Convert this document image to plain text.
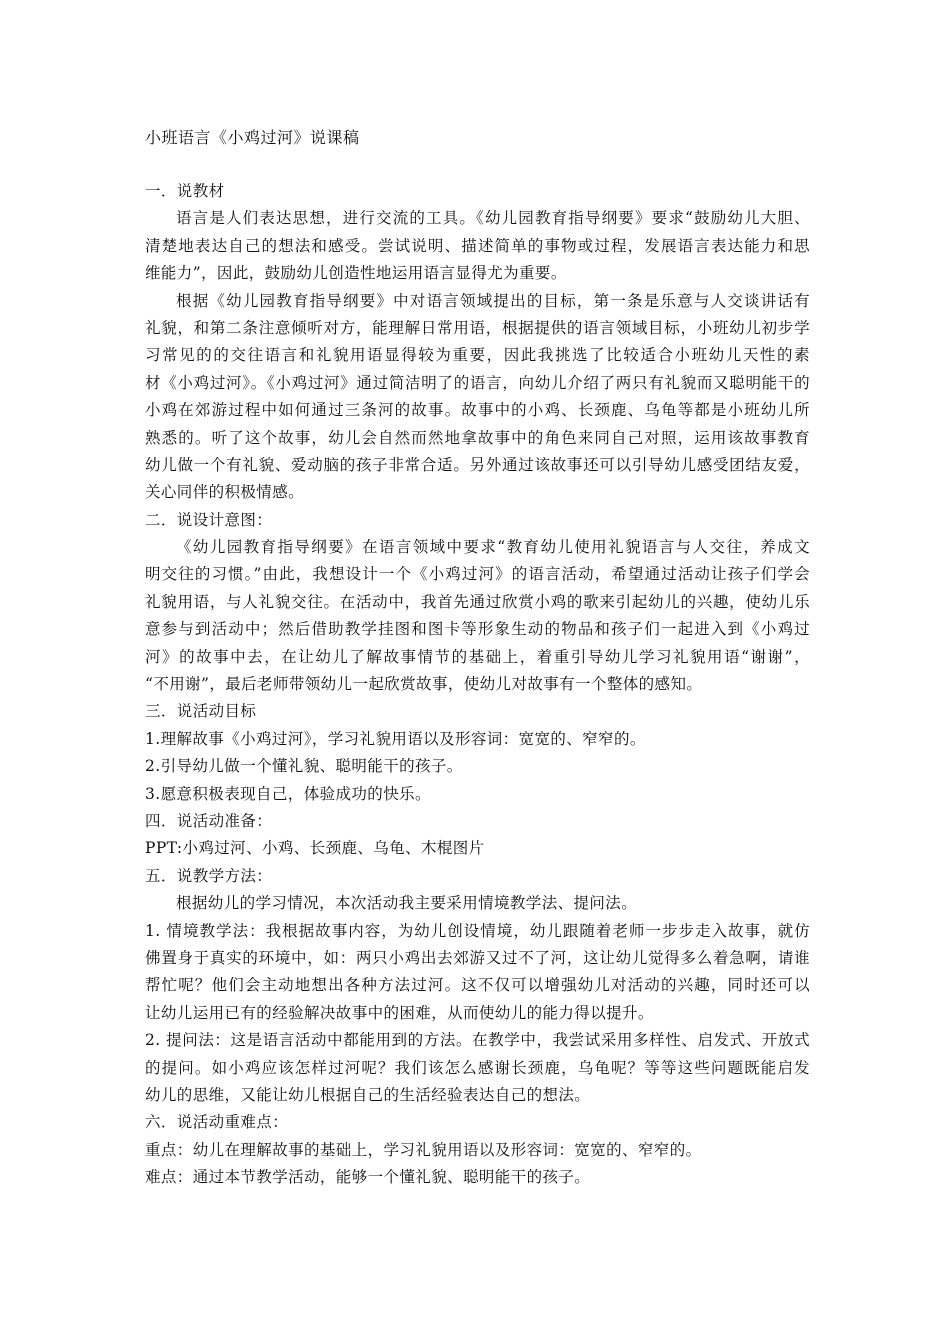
小班语言《小鸡过河》说课稿
一．说教材
语言是人们表达思想，进行交流的工具。《幼儿园教育指导纲要》要求“鼓励幼儿大胆、
清楚地表达自己的想法和感受。尝试说明、描述简单的事物或过程，发展语言表达能力和思
维能力”，因此，鼓励幼儿创造性地运用语言显得尤为重要。
根据《幼儿园教育指导纲要》中对语言领域提出的目标，第一条是乐意与人交谈讲话有
礼貌，和第二条注意倾听对方，能理解日常用语，根据提供的语言领域目标，小班幼儿初步学
习常见的的交往语言和礼貌用语显得较为重要，因此我挑选了比较适合小班幼儿天性的素
材《小鸡过河》。《小鸡过河》通过简洁明了的语言，向幼儿介绍了两只有礼貌而又聪明能干的
小鸡在郊游过程中如何通过三条河的故事。故事中的小鸡、长颈鹿、乌龟等都是小班幼儿所
熟悉的。听了这个故事，幼儿会自然而然地拿故事中的角色来同自己对照，运用该故事教育
幼儿做一个有礼貌、爱动脑的孩子非常合适。另外通过该故事还可以引导幼儿感受团结友爱，
关心同伴的积极情感。
二．说设计意图：
《幼儿园教育指导纲要》在语言领域中要求“教育幼儿使用礼貌语言与人交往，养成文
明交往的习惯。”由此，我想设计一个《小鸡过河》的语言活动，希望通过活动让孩子们学会
礼貌用语，与人礼貌交往。在活动中，我首先通过欣赏小鸡的歌来引起幼儿的兴趣，使幼儿乐
意参与到活动中；然后借助教学挂图和图卡等形象生动的物品和孩子们一起进入到《小鸡过
河》的故事中去，在让幼儿了解故事情节的基础上，着重引导幼儿学习礼貌用语“谢谢”，
“不用谢”，最后老师带领幼儿一起欣赏故事，使幼儿对故事有一个整体的感知。
三．说活动目标
1.理解故事《小鸡过河》，学习礼貌用语以及形容词：宽宽的、窄窄的。
2.引导幼儿做一个懂礼貌、聪明能干的孩子。
3.愿意积极表现自己，体验成功的快乐。
四．说活动准备：
PPT:小鸡过河、小鸡、长颈鹿、乌龟、木棍图片
五．说教学方法：
根据幼儿的学习情况，本次活动我主要采用情境教学法、提问法。
1. 情境教学法：我根据故事内容，为幼儿创设情境，幼儿跟随着老师一步步走入故事，就仿
佛置身于真实的环境中，如：两只小鸡出去郊游又过不了河，这让幼儿觉得多么着急啊，请谁
帮忙呢？他们会主动地想出各种方法过河。这不仅可以增强幼儿对活动的兴趣，同时还可以
让幼儿运用已有的经验解决故事中的困难，从而使幼儿的能力得以提升。
2. 提问法：这是语言活动中都能用到的方法。在教学中，我尝试采用多样性、启发式、开放式
的提问。如小鸡应该怎样过河呢？我们该怎么感谢长颈鹿，乌龟呢？等等这些问题既能启发
幼儿的思维，又能让幼儿根据自己的生活经验表达自己的想法。
六．说活动重难点：
重点：幼儿在理解故事的基础上，学习礼貌用语以及形容词：宽宽的、窄窄的。
难点：通过本节教学活动，能够一个懂礼貌、聪明能干的孩子。
